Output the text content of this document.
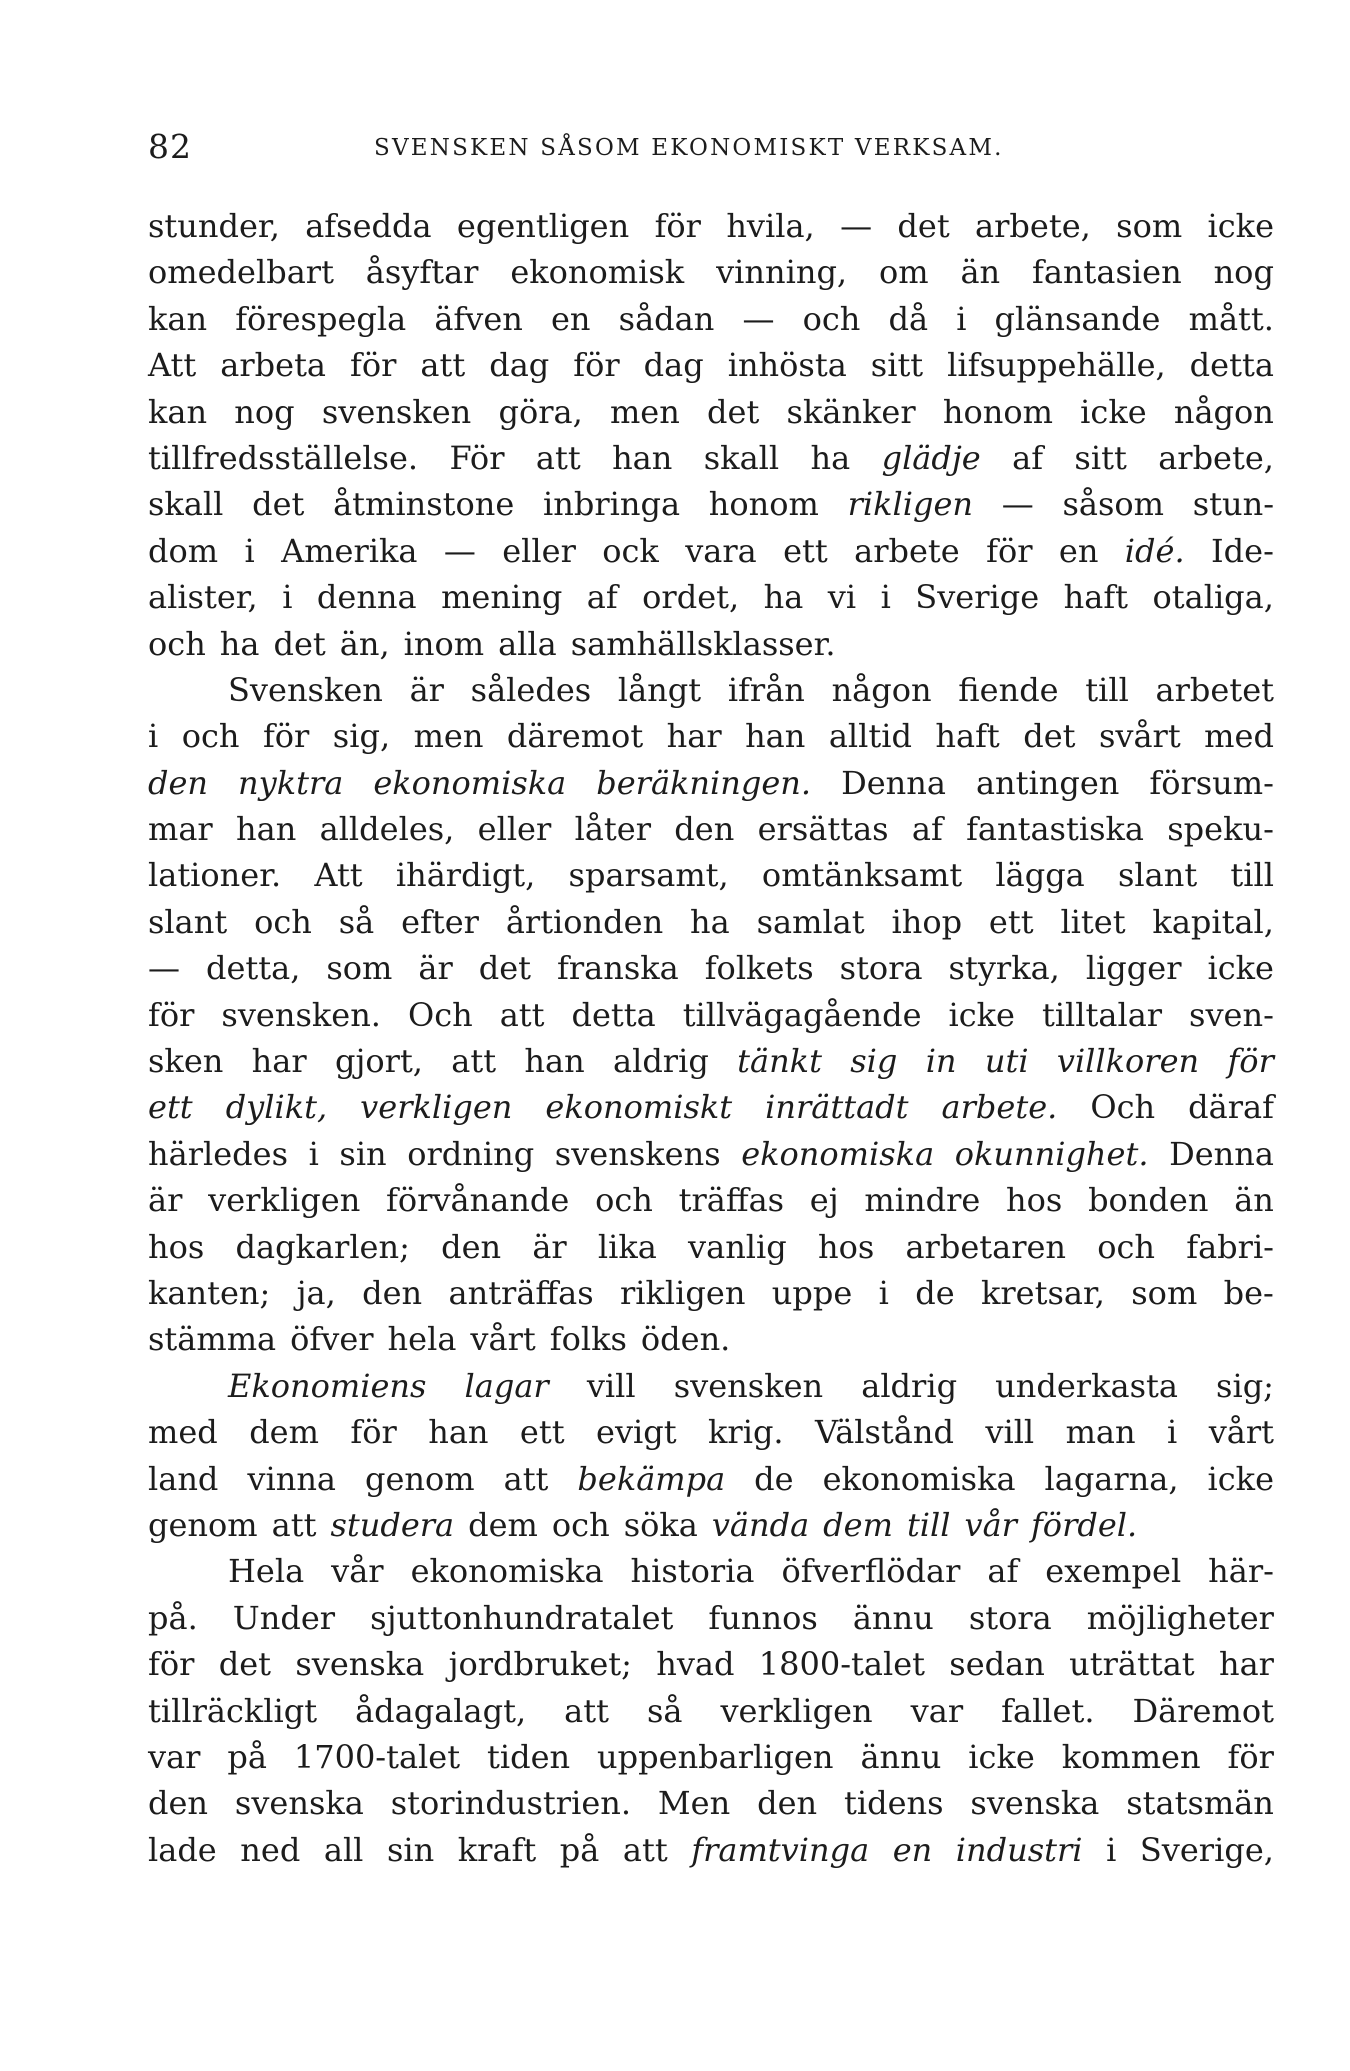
82	SVENSKEN SÅSOM EKONOMISKT VERKSAM.
stunder, afsedda egentligen för hvila, — det arbete, som icke
omedelbart åsyftar ekonomisk vinning, om än fantasien nog
kan förespegla äfven en sådan — och då i glänsande mått.
Att arbeta för att dag för dag inhösta sitt lifsuppehälle, detta
kan nog svensken göra, men det skänker honom icke någon
tillfredsställelse. För att han skall ha glädje af sitt arbete,
skall det åtminstone inbringa honom rikligen — såsom stun-
dom i Amerika — eller ock vara ett arbete för en idé. Ide-
alister, i denna mening af ordet, ha vi i Sverige haft otaliga,
och ha det än, inom alla samhällsklasser.
Svensken är således långt ifrån någon fiende till arbetet
i och för sig, men däremot har han alltid haft det svårt med
den nyktra ekonomiska beräkningen. Denna antingen försum-
mar han alldeles, eller låter den ersättas af fantastiska speku-
lationer. Att ihärdigt, sparsamt, omtänksamt lägga slant till
slant och så efter årtionden ha samlat ihop ett litet kapital,
— detta, som är det franska folkets stora styrka, ligger icke
för svensken. Och att detta tillvägagående icke tilltalar sven-
sken har gjort, att han aldrig tänkt sig in uti villkoren för
ett dylikt, verkligen ekonomiskt inrättadt arbete. Och däraf
härledes i sin ordning svenskens ekonomiska okunnighet. Denna
är verkligen förvånande och träffas ej mindre hos bonden än
hos dagkarlen; den är lika vanlig hos arbetaren och fabri-
kanten; ja, den anträffas rikligen uppe i de kretsar, som be-
stämma öfver hela vårt folks öden.
Ekonomiens lagar vill svensken aldrig underkasta sig;
med dem för han ett evigt krig. Välstånd vill man i vårt
land vinna genom att bekämpa de ekonomiska lagarna, icke
genom att studera dem och söka vända dem till vår fördel.
Hela vår ekonomiska historia öfverflödar af exempel här-
på. Under sjuttonhundratalet funnos ännu stora möjligheter
för det svenska jordbruket; hvad 1800-talet sedan uträttat har
tillräckligt ådagalagt, att så verkligen var fallet. Däremot
var på 1700-talet tiden uppenbarligen ännu icke kommen för
den svenska storindustrien. Men den tidens svenska statsmän
lade ned all sin kraft på att framtvinga en industri i Sverige,
